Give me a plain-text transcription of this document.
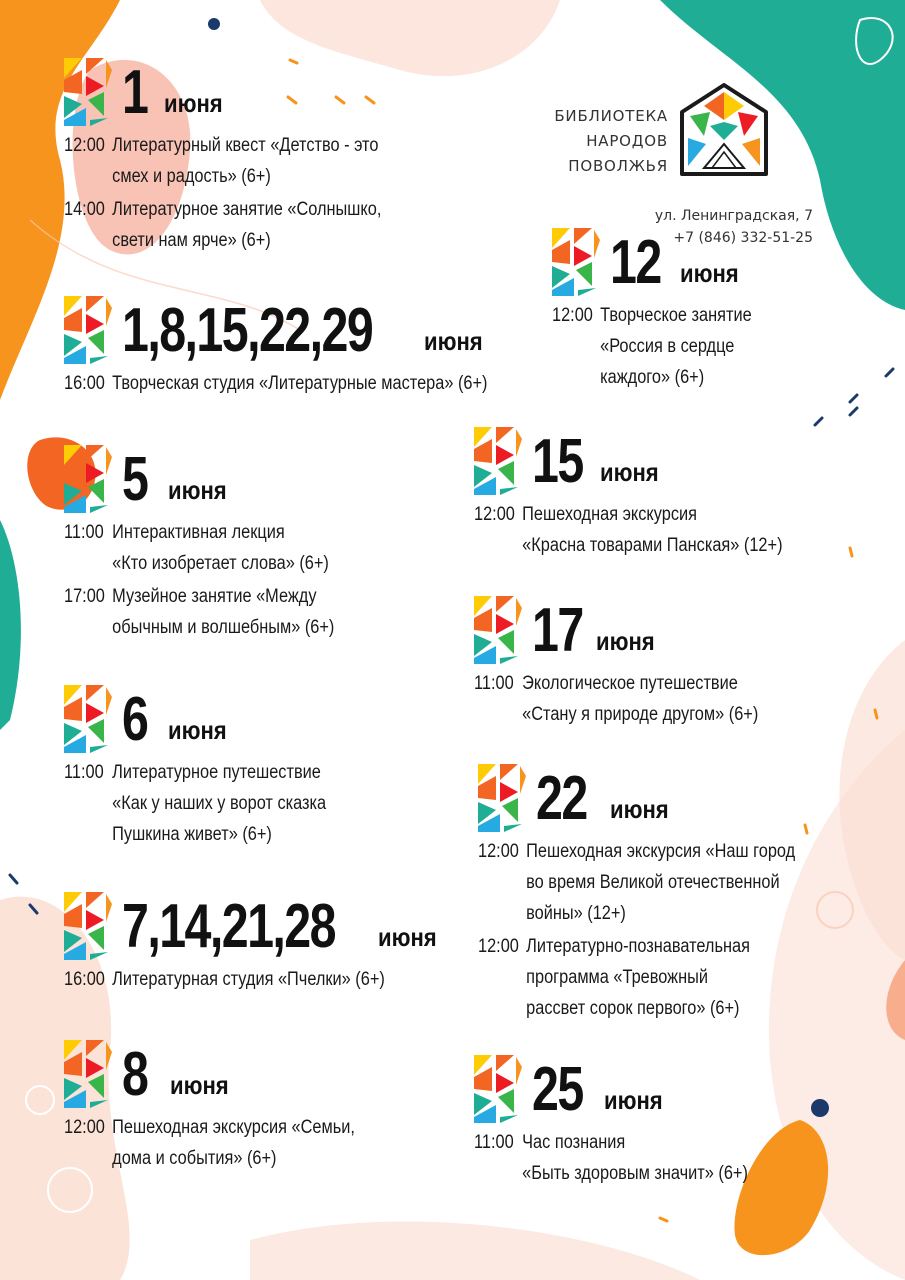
БИБЛИОТЕКА
НАРОДОВ
ПОВОЛЖЬЯ
ул. Ленинградская, 7
+7 (846) 332-51-25
1 июня
12:00 Литературный квест «Детство - это
смех и радость» (6+)
14:00 Литературное занятие «Солнышко,
свети нам ярче» (6+)
1,8,15,22,29 июня
16:00 Творческая студия «Литературные мастера» (6+)
5 июня
11:00 Интерактивная лекция
«Кто изобретает слова» (6+)
17:00 Музейное занятие «Между
обычным и волшебным» (6+)
6 июня
11:00 Литературное путешествие
«Как у наших у ворот сказка
Пушкина живет» (6+)
7,14,21,28 июня
16:00 Литературная студия «Пчелки» (6+)
8 июня
12:00 Пешеходная экскурсия «Семьи,
дома и события» (6+)
12 июня
12:00 Творческое занятие
«Россия в сердце
каждого» (6+)
15 июня
12:00 Пешеходная экскурсия
«Красна товарами Панская» (12+)
17 июня
11:00 Экологическое путешествие
«Стану я природе другом» (6+)
22 июня
12:00 Пешеходная экскурсия «Наш город
во время Великой отечественной
войны» (12+)
12:00 Литературно-познавательная
программа «Тревожный
рассвет сорок первого» (6+)
25 июня
11:00 Час познания
«Быть здоровым значит» (6+)
